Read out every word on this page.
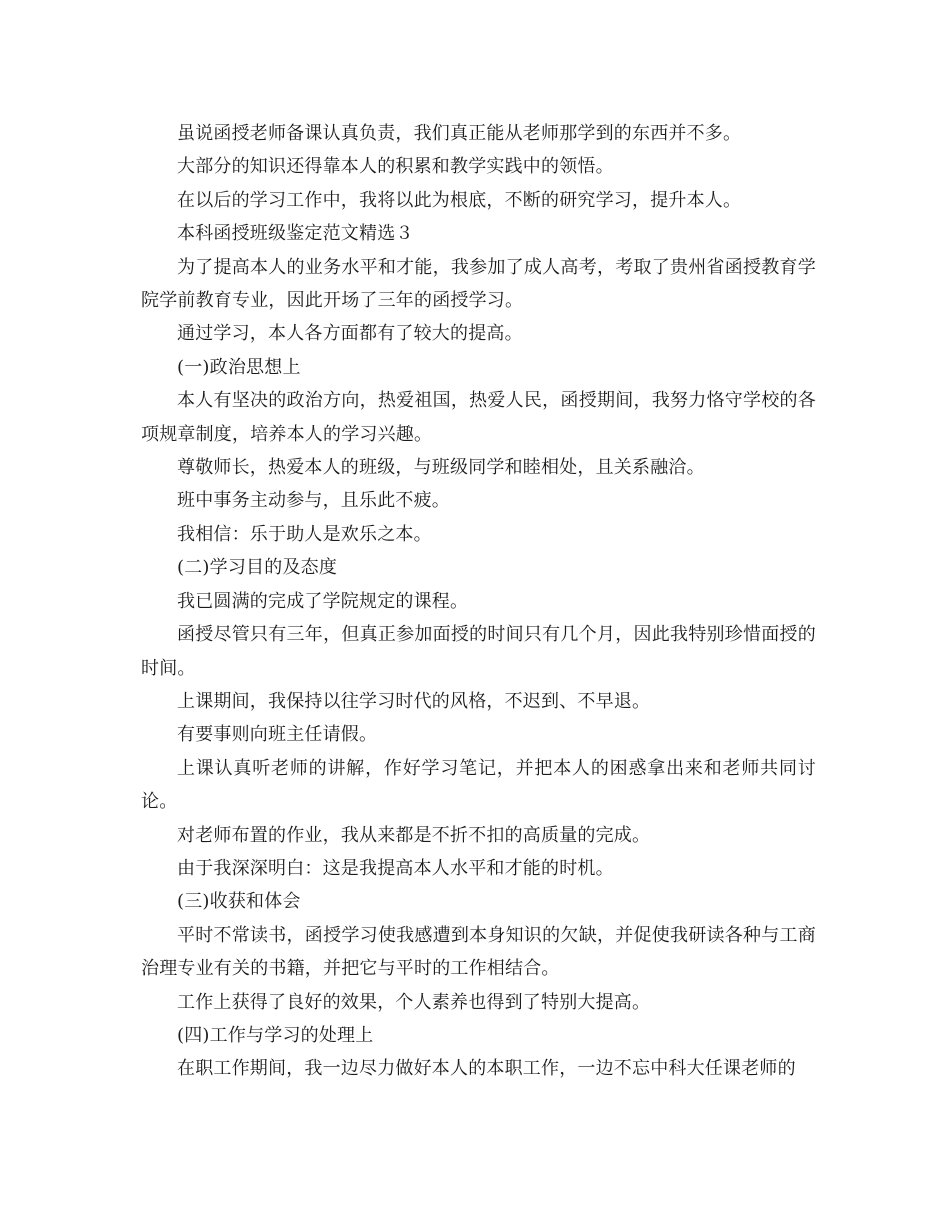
虽说函授老师备课认真负责，我们真正能从老师那学到的东西并不多。

大部分的知识还得靠本人的积累和教学实践中的领悟。

在以后的学习工作中，我将以此为根底，不断的研究学习，提升本人。

本科函授班级鉴定范文精选３

为了提高本人的业务水平和才能，我参加了成人高考，考取了贵州省函授教育学院学前教育专业，因此开场了三年的函授学习。

通过学习，本人各方面都有了较大的提高。

(一)政治思想上

本人有坚决的政治方向，热爱祖国，热爱人民，函授期间，我努力恪守学校的各项规章制度，培养本人的学习兴趣。

尊敬师长，热爱本人的班级，与班级同学和睦相处，且关系融洽。

班中事务主动参与，且乐此不疲。

我相信：乐于助人是欢乐之本。

(二)学习目的及态度

我已圆满的完成了学院规定的课程。

函授尽管只有三年，但真正参加面授的时间只有几个月，因此我特别珍惜面授的时间。

上课期间，我保持以往学习时代的风格，不迟到、不早退。

有要事则向班主任请假。

上课认真听老师的讲解，作好学习笔记，并把本人的困惑拿出来和老师共同讨论。

对老师布置的作业，我从来都是不折不扣的高质量的完成。

由于我深深明白：这是我提高本人水平和才能的时机。

(三)收获和体会

平时不常读书，函授学习使我感遭到本身知识的欠缺，并促使我研读各种与工商治理专业有关的书籍，并把它与平时的工作相结合。

工作上获得了良好的效果，个人素养也得到了特别大提高。

(四)工作与学习的处理上

在职工作期间，我一边尽力做好本人的本职工作，一边不忘中科大任课老师的
